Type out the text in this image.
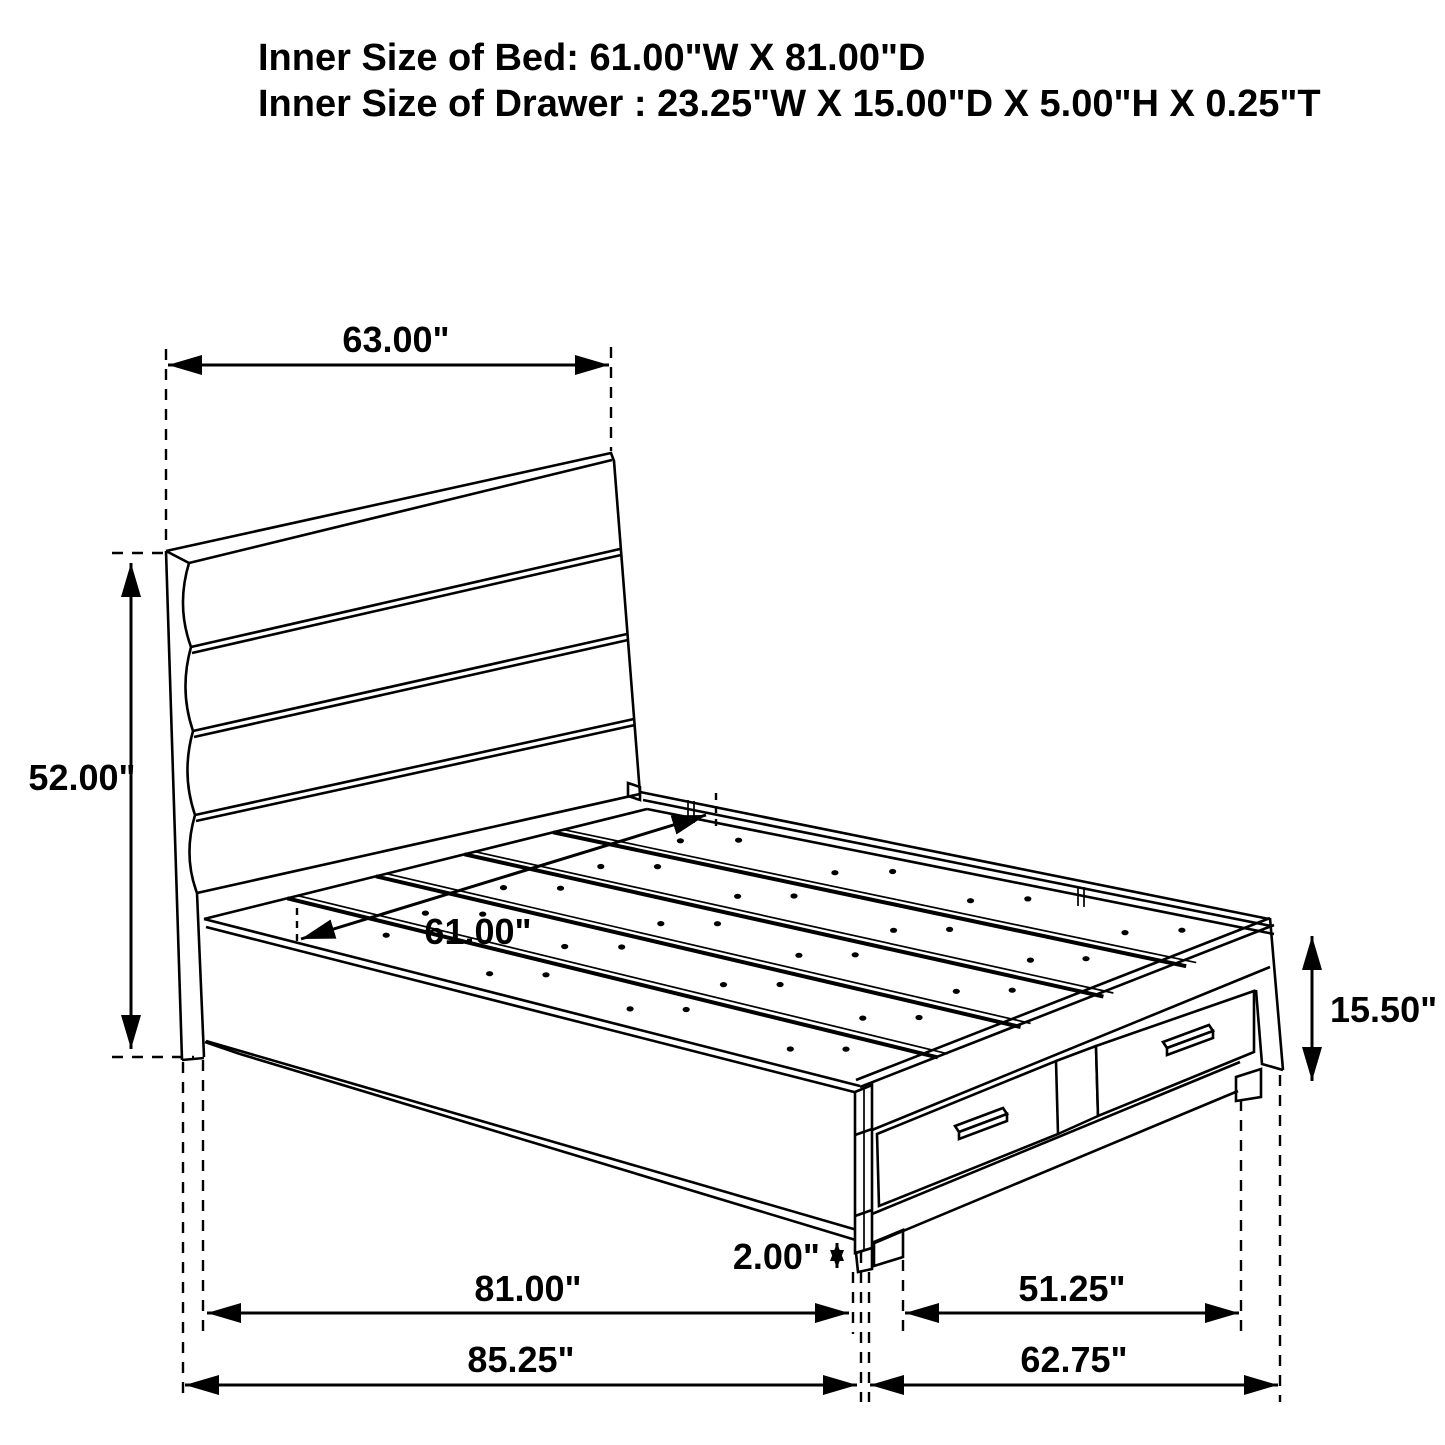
Inner Size of Bed: 61.00"W X 81.00"D
Inner Size of Drawer : 23.25"W X 15.00"D X 5.00"H X 0.25"T
63.00"
52.00"
61.00"
15.50"
2.00"
81.00"	51.25"
85.25"	62.75"
